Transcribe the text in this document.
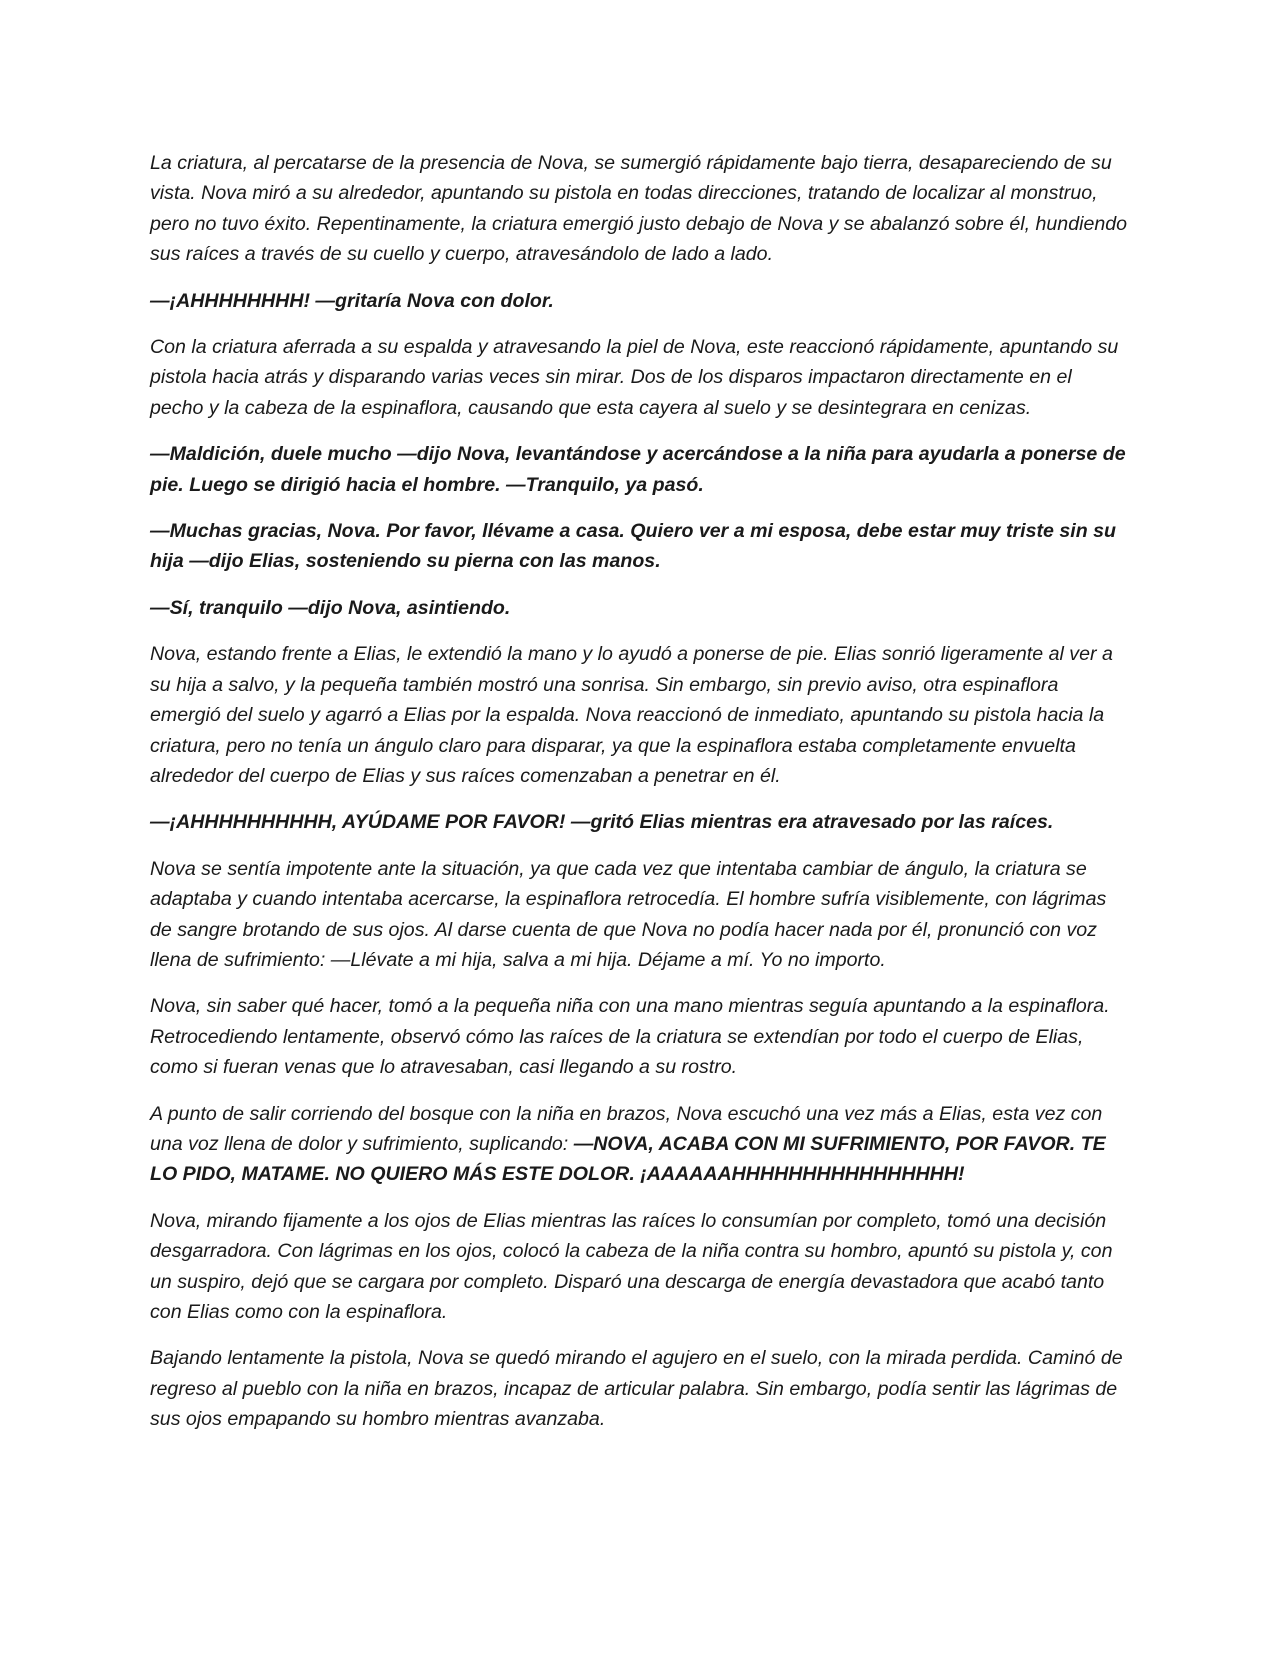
La criatura, al percatarse de la presencia de Nova, se sumergió rápidamente bajo tierra, desapareciendo de su vista. Nova miró a su alrededor, apuntando su pistola en todas direcciones, tratando de localizar al monstruo, pero no tuvo éxito. Repentinamente, la criatura emergió justo debajo de Nova y se abalanzó sobre él, hundiendo sus raíces a través de su cuello y cuerpo, atravesándolo de lado a lado.

—¡AHHHHHHHH! —gritaría Nova con dolor.

Con la criatura aferrada a su espalda y atravesando la piel de Nova, este reaccionó rápidamente, apuntando su pistola hacia atrás y disparando varias veces sin mirar. Dos de los disparos impactaron directamente en el pecho y la cabeza de la espinaflora, causando que esta cayera al suelo y se desintegrara en cenizas.

—Maldición, duele mucho —dijo Nova, levantándose y acercándose a la niña para ayudarla a ponerse de pie. Luego se dirigió hacia el hombre. —Tranquilo, ya pasó.

—Muchas gracias, Nova. Por favor, llévame a casa. Quiero ver a mi esposa, debe estar muy triste sin su hija —dijo Elias, sosteniendo su pierna con las manos.

—Sí, tranquilo —dijo Nova, asintiendo.

Nova, estando frente a Elias, le extendió la mano y lo ayudó a ponerse de pie. Elias sonrió ligeramente al ver a su hija a salvo, y la pequeña también mostró una sonrisa. Sin embargo, sin previo aviso, otra espinaflora emergió del suelo y agarró a Elias por la espalda. Nova reaccionó de inmediato, apuntando su pistola hacia la criatura, pero no tenía un ángulo claro para disparar, ya que la espinaflora estaba completamente envuelta alrededor del cuerpo de Elias y sus raíces comenzaban a penetrar en él.

—¡AHHHHHHHHHH, AYÚDAME POR FAVOR! —gritó Elias mientras era atravesado por las raíces.

Nova se sentía impotente ante la situación, ya que cada vez que intentaba cambiar de ángulo, la criatura se adaptaba y cuando intentaba acercarse, la espinaflora retrocedía. El hombre sufría visiblemente, con lágrimas de sangre brotando de sus ojos. Al darse cuenta de que Nova no podía hacer nada por él, pronunció con voz llena de sufrimiento: —Llévate a mi hija, salva a mi hija. Déjame a mí. Yo no importo.

Nova, sin saber qué hacer, tomó a la pequeña niña con una mano mientras seguía apuntando a la espinaflora. Retrocediendo lentamente, observó cómo las raíces de la criatura se extendían por todo el cuerpo de Elias, como si fueran venas que lo atravesaban, casi llegando a su rostro.

A punto de salir corriendo del bosque con la niña en brazos, Nova escuchó una vez más a Elias, esta vez con una voz llena de dolor y sufrimiento, suplicando: —NOVA, ACABA CON MI SUFRIMIENTO, POR FAVOR. TE LO PIDO, MATAME. NO QUIERO MÁS ESTE DOLOR. ¡AAAAAAHHHHHHHHHHHHHHHH!

Nova, mirando fijamente a los ojos de Elias mientras las raíces lo consumían por completo, tomó una decisión desgarradora. Con lágrimas en los ojos, colocó la cabeza de la niña contra su hombro, apuntó su pistola y, con un suspiro, dejó que se cargara por completo. Disparó una descarga de energía devastadora que acabó tanto con Elias como con la espinaflora.

Bajando lentamente la pistola, Nova se quedó mirando el agujero en el suelo, con la mirada perdida. Caminó de regreso al pueblo con la niña en brazos, incapaz de articular palabra. Sin embargo, podía sentir las lágrimas de sus ojos empapando su hombro mientras avanzaba.
